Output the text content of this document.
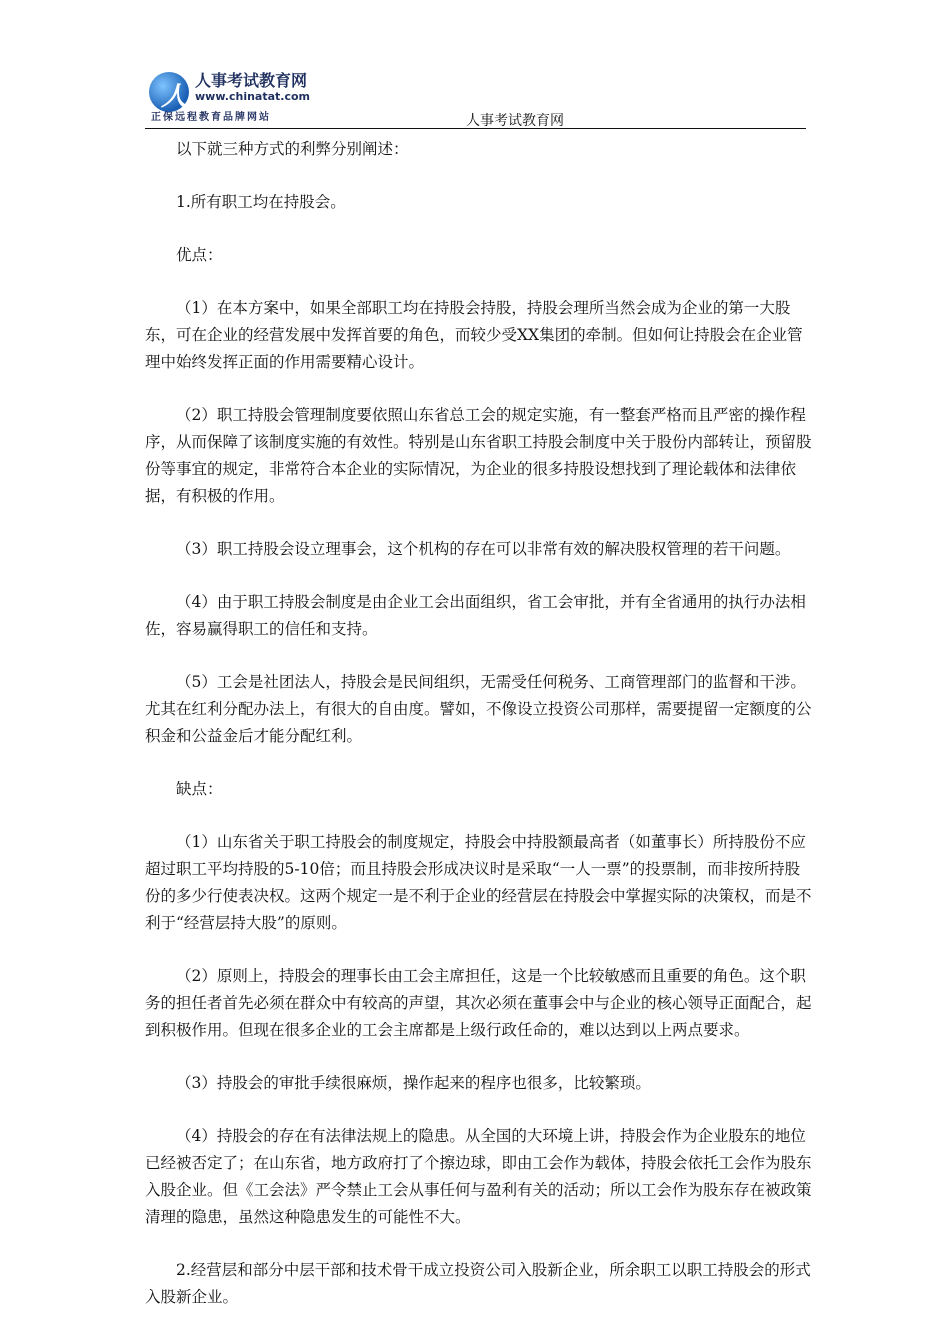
人
人事考试教育网
www.chinatat.com
正保远程教育品牌网站	人事考试教育网

以下就三种方式的利弊分别阐述：

1.所有职工均在持股会。

优点：

（1）在本方案中，如果全部职工均在持股会持股，持股会理所当然会成为企业的第一大股东，可在企业的经营发展中发挥首要的角色，而较少受XX集团的牵制。但如何让持股会在企业管理中始终发挥正面的作用需要精心设计。

（2）职工持股会管理制度要依照山东省总工会的规定实施，有一整套严格而且严密的操作程序，从而保障了该制度实施的有效性。特别是山东省职工持股会制度中关于股份内部转让，预留股份等事宜的规定，非常符合本企业的实际情况，为企业的很多持股设想找到了理论载体和法律依据，有积极的作用。

（3）职工持股会设立理事会，这个机构的存在可以非常有效的解决股权管理的若干问题。

（4）由于职工持股会制度是由企业工会出面组织，省工会审批，并有全省通用的执行办法相佐，容易赢得职工的信任和支持。

（5）工会是社团法人，持股会是民间组织，无需受任何税务、工商管理部门的监督和干涉。尤其在红利分配办法上，有很大的自由度。譬如，不像设立投资公司那样，需要提留一定额度的公积金和公益金后才能分配红利。

缺点：

（1）山东省关于职工持股会的制度规定，持股会中持股额最高者（如董事长）所持股份不应超过职工平均持股的5-10倍；而且持股会形成决议时是采取“一人一票”的投票制，而非按所持股份的多少行使表决权。这两个规定一是不利于企业的经营层在持股会中掌握实际的决策权，而是不利于“经营层持大股”的原则。

（2）原则上，持股会的理事长由工会主席担任，这是一个比较敏感而且重要的角色。这个职务的担任者首先必须在群众中有较高的声望，其次必须在董事会中与企业的核心领导正面配合，起到积极作用。但现在很多企业的工会主席都是上级行政任命的，难以达到以上两点要求。

（3）持股会的审批手续很麻烦，操作起来的程序也很多，比较繁琐。

（4）持股会的存在有法律法规上的隐患。从全国的大环境上讲，持股会作为企业股东的地位已经被否定了；在山东省，地方政府打了个擦边球，即由工会作为载体，持股会依托工会作为股东入股企业。但《工会法》严令禁止工会从事任何与盈利有关的活动；所以工会作为股东存在被政策清理的隐患，虽然这种隐患发生的可能性不大。

2.经营层和部分中层干部和技术骨干成立投资公司入股新企业，所余职工以职工持股会的形式入股新企业。
